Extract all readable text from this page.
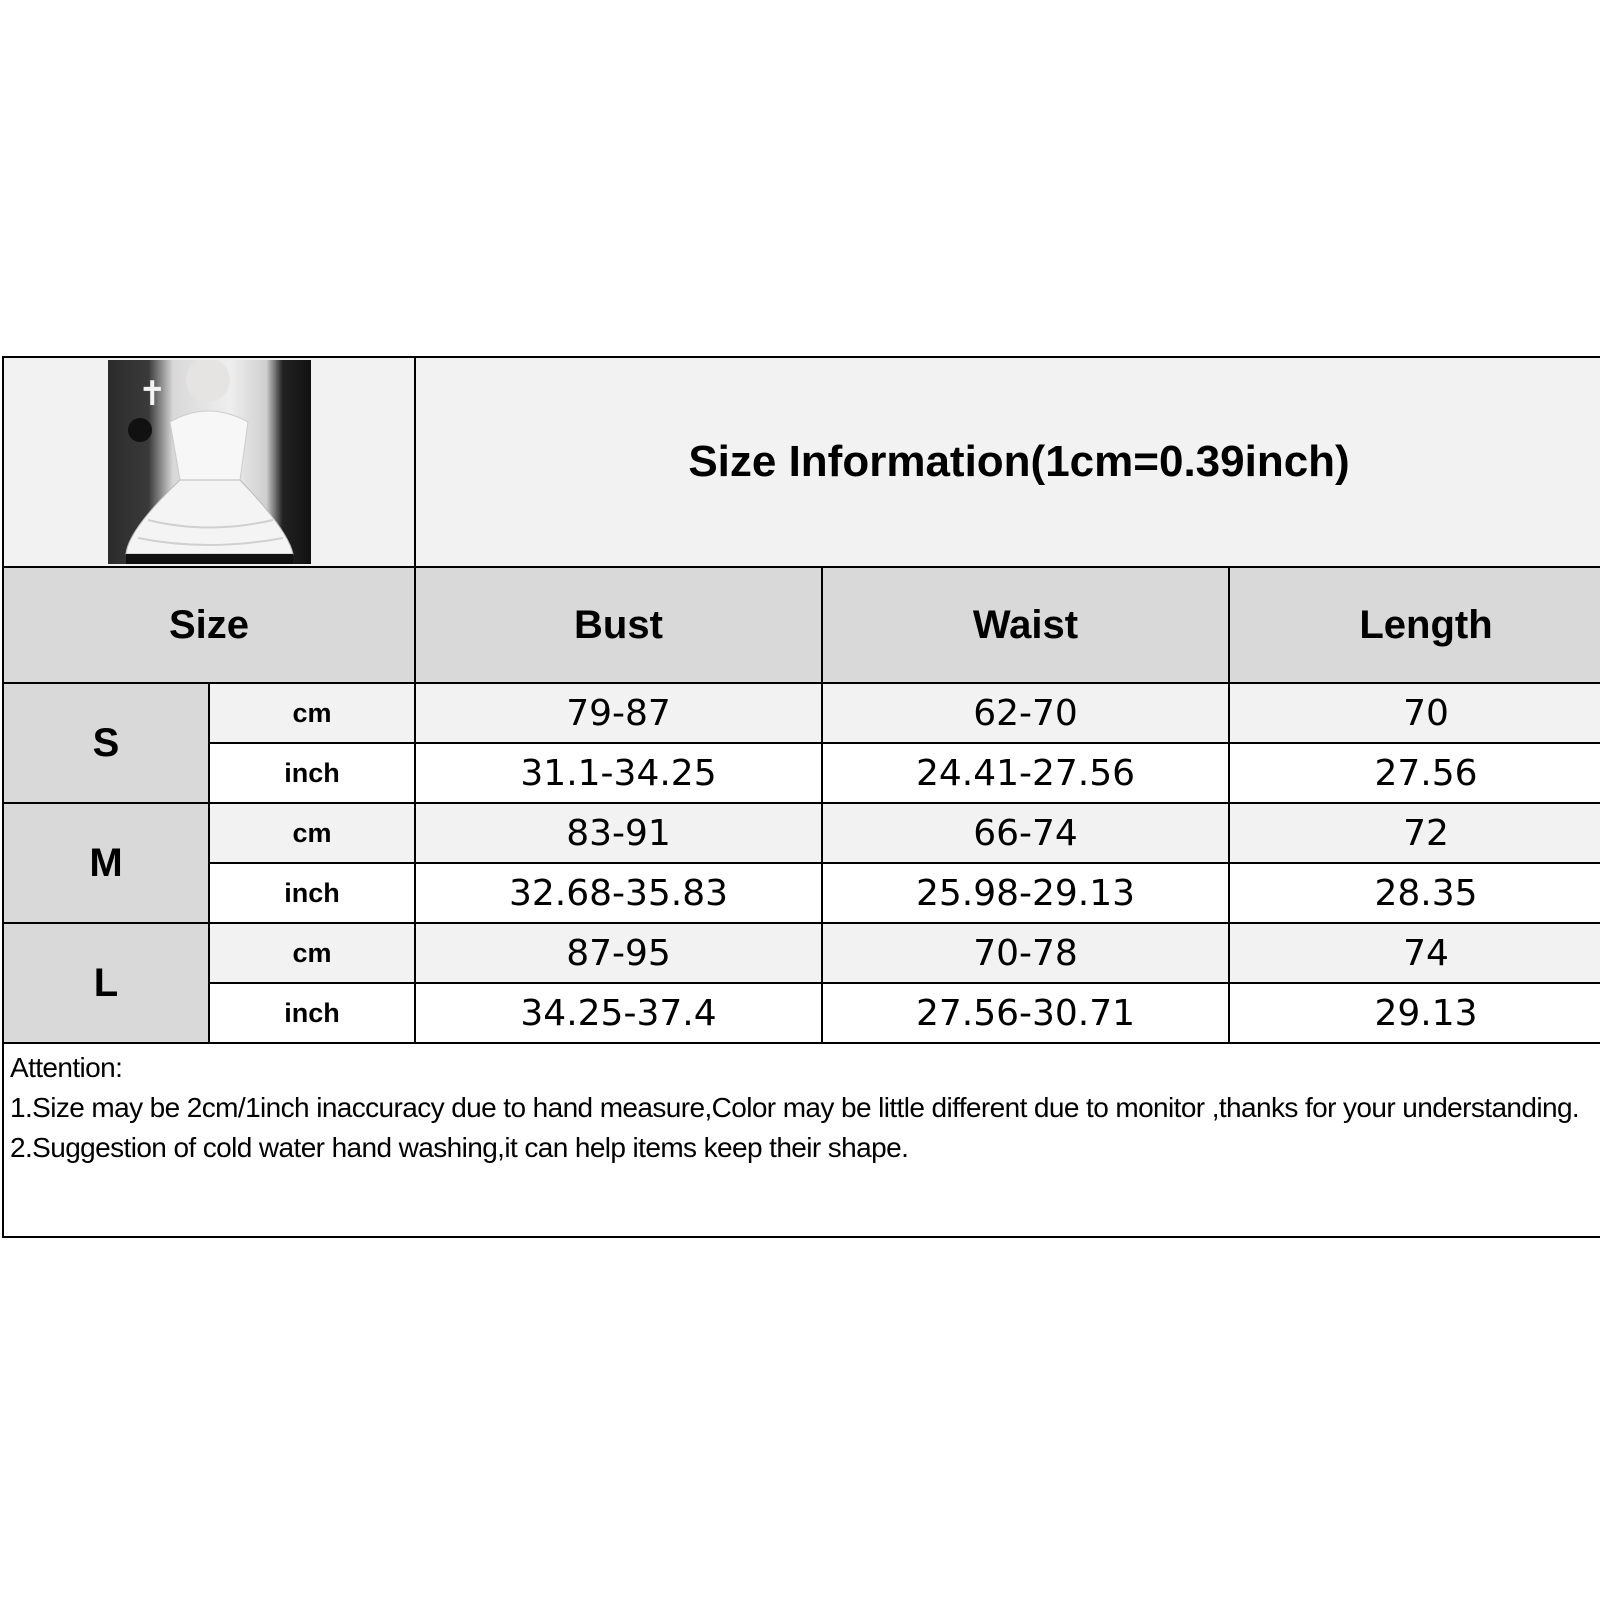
✝		Size Information(1cm=0.39inch)		
Size		Bust	Waist	Length
S	cm	79-87	62-70	70
	inch	31.1-34.25	24.41-27.56	27.56
M	cm	83-91	66-74	72
	inch	32.68-35.83	25.98-29.13	28.35
L	cm	87-95	70-78	74
	inch	34.25-37.4	27.56-30.71	29.13

Attention:
1.Size may be 2cm/1inch inaccuracy due to hand measure,Color may be little different due to monitor ,thanks for your understanding.
2.Suggestion of cold water hand washing,it can help items keep their shape.				
